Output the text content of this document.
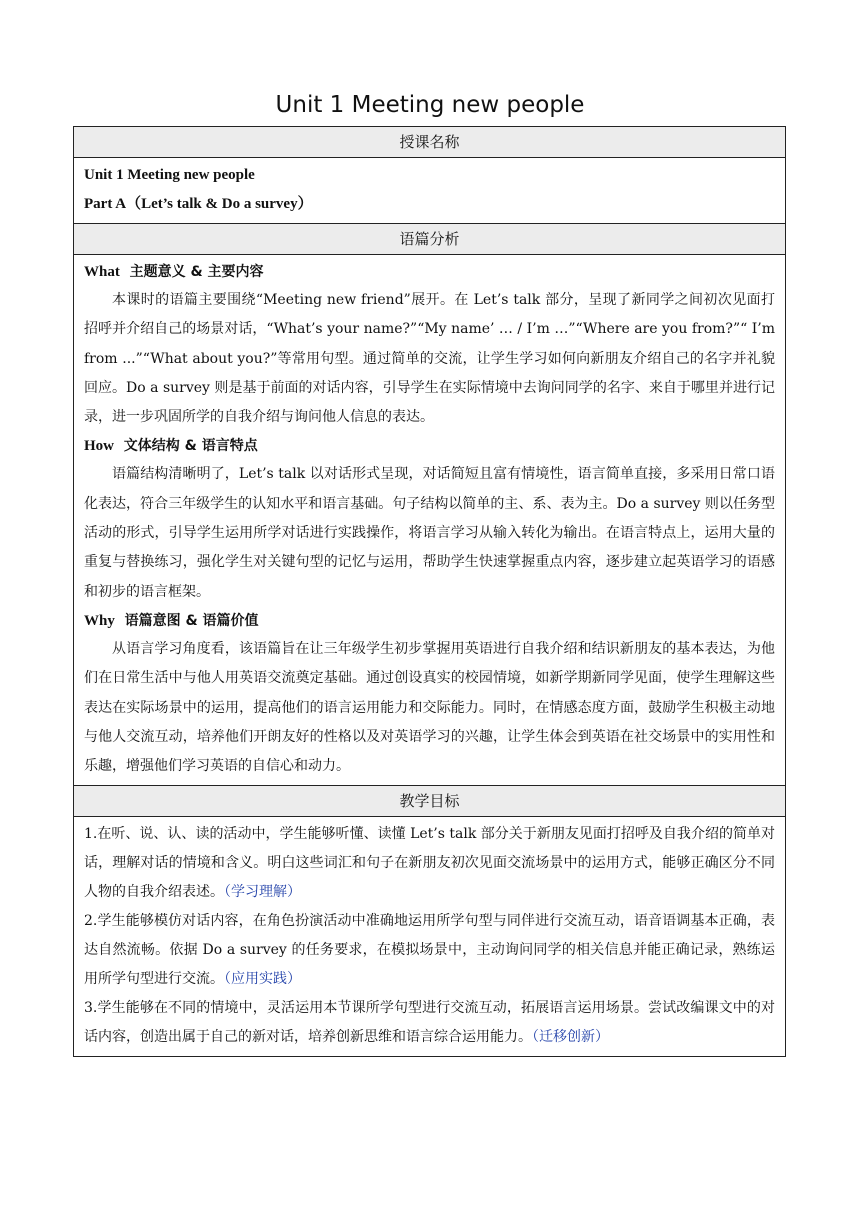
Unit 1 Meeting new people
授课名称

Unit 1 Meeting new people
Part A（Let’s talk & Do a survey）

语篇分析

What 主题意义 & 主要内容

本课时的语篇主要围绕“Meeting new friend”展开。在 Let’s talk 部分，呈现了新同学之间初次见面打招呼并介绍自己的场景对话，“What’s your name?”“My name’ … / I’m …”“Where are you from?”“ I’m from ...”“What about you?”等常用句型。通过简单的交流，让学生学习如何向新朋友介绍自己的名字并礼貌回应。Do a survey 则是基于前面的对话内容，引导学生在实际情境中去询问同学的名字、来自于哪里并进行记录，进一步巩固所学的自我介绍与询问他人信息的表达。

How 文体结构 & 语言特点

语篇结构清晰明了，Let’s talk 以对话形式呈现，对话简短且富有情境性，语言简单直接，多采用日常口语化表达，符合三年级学生的认知水平和语言基础。句子结构以简单的主、系、表为主。Do a survey 则以任务型活动的形式，引导学生运用所学对话进行实践操作，将语言学习从输入转化为输出。在语言特点上，运用大量的重复与替换练习，强化学生对关键句型的记忆与运用，帮助学生快速掌握重点内容，逐步建立起英语学习的语感和初步的语言框架。

Why 语篇意图 & 语篇价值

从语言学习角度看，该语篇旨在让三年级学生初步掌握用英语进行自我介绍和结识新朋友的基本表达，为他们在日常生活中与他人用英语交流奠定基础。通过创设真实的校园情境，如新学期新同学见面，使学生理解这些表达在实际场景中的运用，提高他们的语言运用能力和交际能力。同时，在情感态度方面，鼓励学生积极主动地与他人交流互动，培养他们开朗友好的性格以及对英语学习的兴趣，让学生体会到英语在社交场景中的实用性和乐趣，增强他们学习英语的自信心和动力。

教学目标

1.在听、说、认、读的活动中，学生能够听懂、读懂 Let’s talk 部分关于新朋友见面打招呼及自我介绍的简单对话，理解对话的情境和含义。明白这些词汇和句子在新朋友初次见面交流场景中的运用方式，能够正确区分不同人物的自我介绍表述。（学习理解）

2.学生能够模仿对话内容，在角色扮演活动中准确地运用所学句型与同伴进行交流互动，语音语调基本正确，表达自然流畅。依据 Do a survey 的任务要求，在模拟场景中，主动询问同学的相关信息并能正确记录，熟练运用所学句型进行交流。（应用实践）

3.学生能够在不同的情境中，灵活运用本节课所学句型进行交流互动，拓展语言运用场景。尝试改编课文中的对话内容，创造出属于自己的新对话，培养创新思维和语言综合运用能力。（迁移创新）
